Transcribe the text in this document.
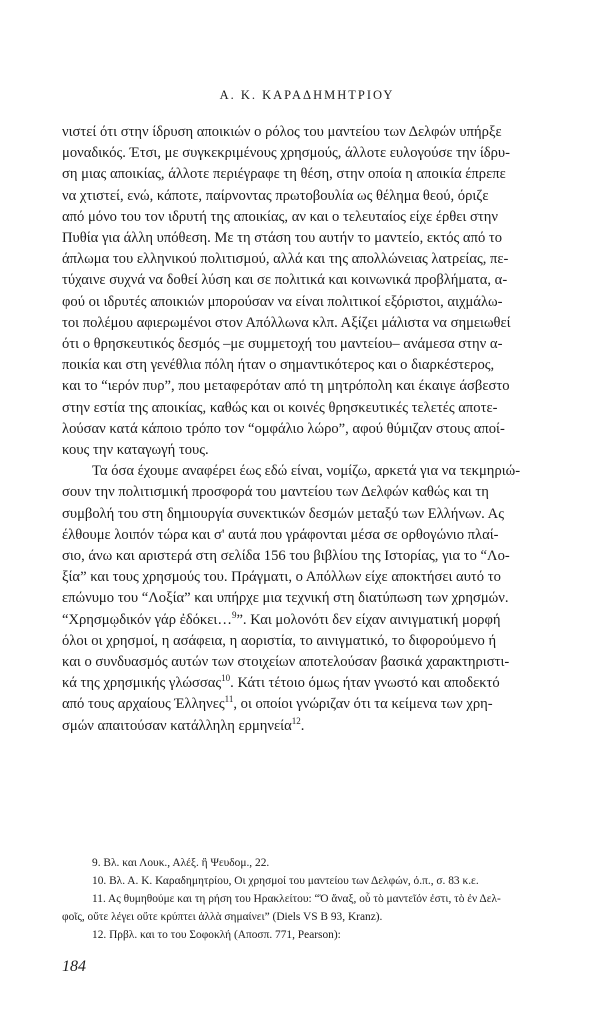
Α. Κ. ΚΑΡΑΔΗΜΗΤΡΙΟΥ
νιστεί ότι στην ίδρυση αποικιών ο ρόλος του μαντείου των Δελφών υπήρξε
μοναδικός. Έτσι, με συγκεκριμένους χρησμούς, άλλοτε ευλογούσε την ίδρυ-
ση μιας αποικίας, άλλοτε περιέγραφε τη θέση, στην οποία η αποικία έπρεπε
να χτιστεί, ενώ, κάποτε, παίρνοντας πρωτοβουλία ως θέλημα θεού, όριζε
από μόνο του τον ιδρυτή της αποικίας, αν και ο τελευταίος είχε έρθει στην
Πυθία για άλλη υπόθεση. Με τη στάση του αυτήν το μαντείο, εκτός από το
άπλωμα του ελληνικού πολιτισμού, αλλά και της απολλώνειας λατρείας, πε-
τύχαινε συχνά να δοθεί λύση και σε πολιτικά και κοινωνικά προβλήματα, α-
φού οι ιδρυτές αποικιών μπορούσαν να είναι πολιτικοί εξόριστοι, αιχμάλω-
τοι πολέμου αφιερωμένοι στον Απόλλωνα κλπ. Αξίζει μάλιστα να σημειωθεί
ότι ο θρησκευτικός δεσμός –με συμμετοχή του μαντείου– ανάμεσα στην α-
ποικία και στη γενέθλια πόλη ήταν ο σημαντικότερος και ο διαρκέστερος,
και το “ιερόν πυρ”, που μεταφερόταν από τη μητρόπολη και έκαιγε άσβεστο
στην εστία της αποικίας, καθώς και οι κοινές θρησκευτικές τελετές αποτε-
λούσαν κατά κάποιο τρόπο τον “ομφάλιο λώρο”, αφού θύμιζαν στους αποί-
κους την καταγωγή τους.
Τα όσα έχουμε αναφέρει έως εδώ είναι, νομίζω, αρκετά για να τεκμηριώ-
σουν την πολιτισμική προσφορά του μαντείου των Δελφών καθώς και τη
συμβολή του στη δημιουργία συνεκτικών δεσμών μεταξύ των Ελλήνων. Ας
έλθουμε λοιπόν τώρα και σ' αυτά που γράφονται μέσα σε ορθογώνιο πλαί-
σιο, άνω και αριστερά στη σελίδα 156 του βιβλίου της Ιστορίας, για το “Λο-
ξία” και τους χρησμούς του. Πράγματι, ο Απόλλων είχε αποκτήσει αυτό το
επώνυμο του “Λοξία” και υπήρχε μια τεχνική στη διατύπωση των χρησμών.
“Χρησμῳδικόν γάρ ἐδόκει…$^9$”. Και μολονότι δεν είχαν αινιγματική μορφή
όλοι οι χρησμοί, η ασάφεια, η αοριστία, το αινιγματικό, το διφορούμενο ή
και ο συνδυασμός αυτών των στοιχείων αποτελούσαν βασικά χαρακτηριστι-
κά της χρησμικής γλώσσας$^{10}$. Κάτι τέτοιο όμως ήταν γνωστό και αποδεκτό
από τους αρχαίους Έλληνες$^{11}$, οι οποίοι γνώριζαν ότι τα κείμενα των χρη-
σμών απαιτούσαν κατάλληλη ερμηνεία$^{12}$.
9. Βλ. και Λουκ., Αλέξ. ἢ Ψευδομ., 22.
10. Βλ. Α. Κ. Καραδημητρίου, Οι χρησμοί του μαντείου των Δελφών, ό.π., σ. 83 κ.ε.
11. Ας θυμηθούμε και τη ρήση του Ηρακλείτου: “Ὁ ἄναξ, οὗ τὸ μαντεῖόν ἐστι, τὸ ἐν Δελ-
φοῖς, οὔτε λέγει οὔτε κρύπτει ἀλλὰ σημαίνει” (Diels VS B 93, Kranz).
12. Πρβλ. και το του Σοφοκλή (Αποσπ. 771, Pearson):
184
